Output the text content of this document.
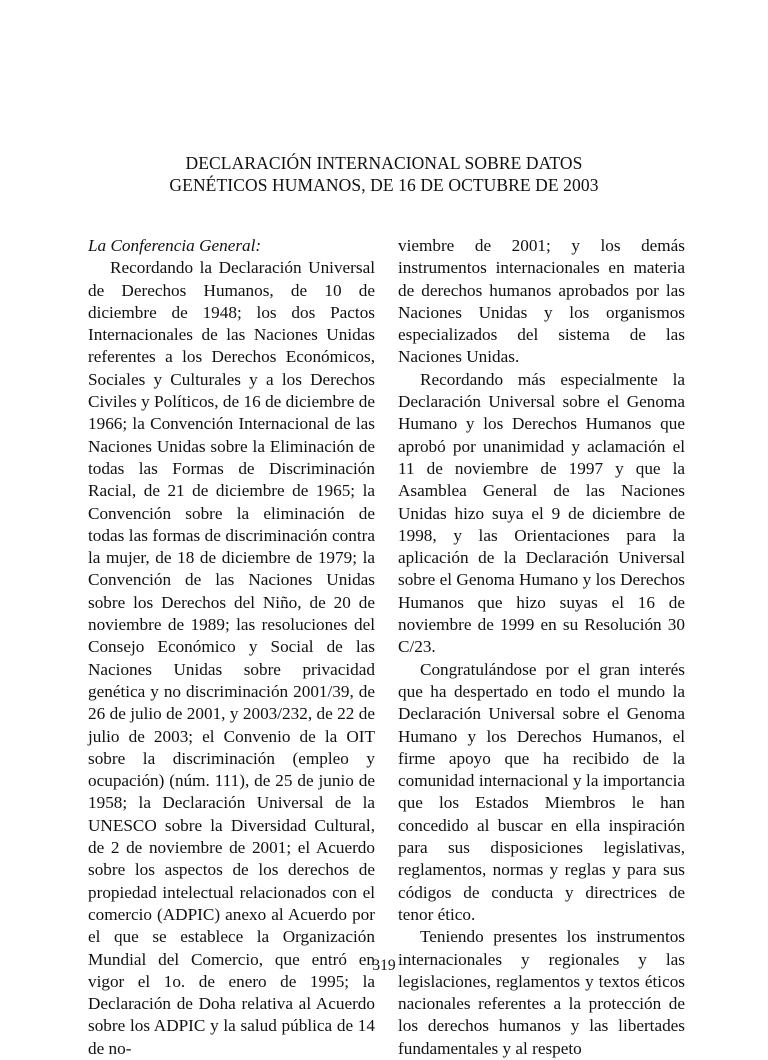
DECLARACIÓN INTERNACIONAL SOBRE DATOS
GENÉTICOS HUMANOS, DE 16 DE OCTUBRE DE 2003

La Conferencia General:

Recordando la Declaración Universal de Derechos Humanos, de 10 de diciembre de 1948; los dos Pactos Internacionales de las Naciones Unidas referentes a los Derechos Económicos, Sociales y Culturales y a los Derechos Civiles y Políticos, de 16 de diciembre de 1966; la Convención Internacional de las Naciones Unidas sobre la Eliminación de todas las Formas de Discriminación Racial, de 21 de diciembre de 1965; la Convención sobre la eliminación de todas las formas de discriminación contra la mujer, de 18 de diciembre de 1979; la Convención de las Naciones Unidas sobre los Derechos del Niño, de 20 de noviembre de 1989; las resoluciones del Consejo Económico y Social de las Naciones Unidas sobre privacidad genética y no discriminación 2001/39, de 26 de julio de 2001, y 2003/232, de 22 de julio de 2003; el Convenio de la OIT sobre la discriminación (empleo y ocupación) (núm. 111), de 25 de junio de 1958; la Declaración Universal de la UNESCO sobre la Diversidad Cultural, de 2 de noviembre de 2001; el Acuerdo sobre los aspectos de los derechos de propiedad intelectual relacionados con el comercio (ADPIC) anexo al Acuerdo por el que se establece la Organización Mundial del Comercio, que entró en vigor el 1o. de enero de 1995; la Declaración de Doha relativa al Acuerdo sobre los ADPIC y la salud pública de 14 de no-

viembre de 2001; y los demás instrumentos internacionales en materia de derechos humanos aprobados por las Naciones Unidas y los organismos especializados del sistema de las Naciones Unidas.

Recordando más especialmente la Declaración Universal sobre el Genoma Humano y los Derechos Humanos que aprobó por unanimidad y aclamación el 11 de noviembre de 1997 y que la Asamblea General de las Naciones Unidas hizo suya el 9 de diciembre de 1998, y las Orientaciones para la aplicación de la Declaración Universal sobre el Genoma Humano y los Derechos Humanos que hizo suyas el 16 de noviembre de 1999 en su Resolución 30 C/23.

Congratulándose por el gran interés que ha despertado en todo el mundo la Declaración Universal sobre el Genoma Humano y los Derechos Humanos, el firme apoyo que ha recibido de la comunidad internacional y la importancia que los Estados Miembros le han concedido al buscar en ella inspiración para sus disposiciones legislativas, reglamentos, normas y reglas y para sus códigos de conducta y directrices de tenor ético.

Teniendo presentes los instrumentos internacionales y regionales y las legislaciones, reglamentos y textos éticos nacionales referentes a la protección de los derechos humanos y las libertades fundamentales y al respeto

319
